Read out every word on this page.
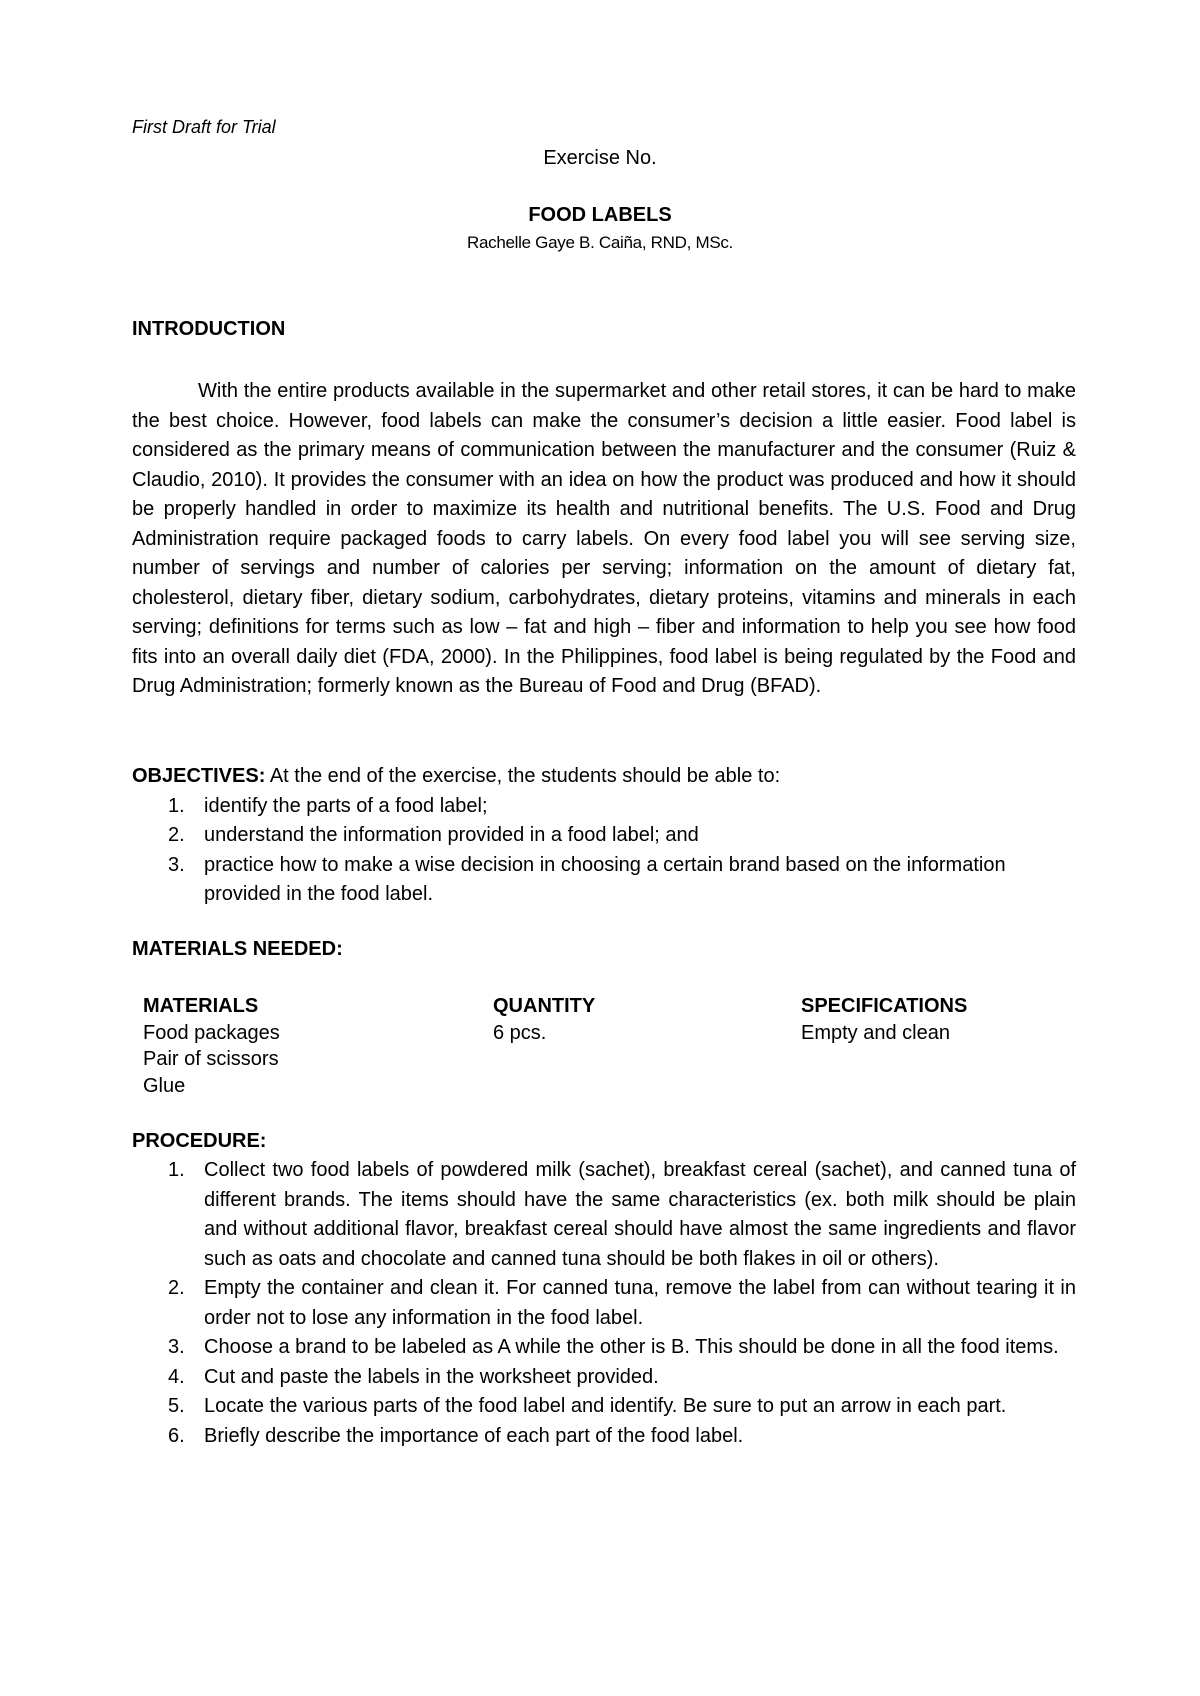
First Draft for Trial
Exercise No.
FOOD LABELS
Rachelle Gaye B. Caiña, RND, MSc.
INTRODUCTION

With the entire products available in the supermarket and other retail stores, it can be hard to make the best choice. However, food labels can make the consumer’s decision a little easier. Food label is considered as the primary means of communication between the manufacturer and the consumer (Ruiz & Claudio, 2010). It provides the consumer with an idea on how the product was produced and how it should be properly handled in order to maximize its health and nutritional benefits. The U.S. Food and Drug Administration require packaged foods to carry labels. On every food label you will see serving size, number of servings and number of calories per serving; information on the amount of dietary fat, cholesterol, dietary fiber, dietary sodium, carbohydrates, dietary proteins, vitamins and minerals in each serving; definitions for terms such as low – fat and high – fiber and information to help you see how food fits into an overall daily diet (FDA, 2000). In the Philippines, food label is being regulated by the Food and Drug Administration; formerly known as the Bureau of Food and Drug (BFAD).

OBJECTIVES: At the end of the exercise, the students should be able to:
1. identify the parts of a food label;
2. understand the information provided in a food label; and
3. practice how to make a wise decision in choosing a certain brand based on the information provided in the food label.
MATERIALS NEEDED:
MATERIALS	QUANTITY	SPECIFICATIONS
Food packages	6 pcs.	Empty and clean
Pair of scissors		
Glue		
PROCEDURE:
1. Collect two food labels of powdered milk (sachet), breakfast cereal (sachet), and canned tuna of different brands. The items should have the same characteristics (ex. both milk should be plain and without additional flavor, breakfast cereal should have almost the same ingredients and flavor such as oats and chocolate and canned tuna should be both flakes in oil or others).
2. Empty the container and clean it. For canned tuna, remove the label from can without tearing it in order not to lose any information in the food label.
3. Choose a brand to be labeled as A while the other is B. This should be done in all the food items.
4. Cut and paste the labels in the worksheet provided.
5. Locate the various parts of the food label and identify. Be sure to put an arrow in each part.
6. Briefly describe the importance of each part of the food label.
